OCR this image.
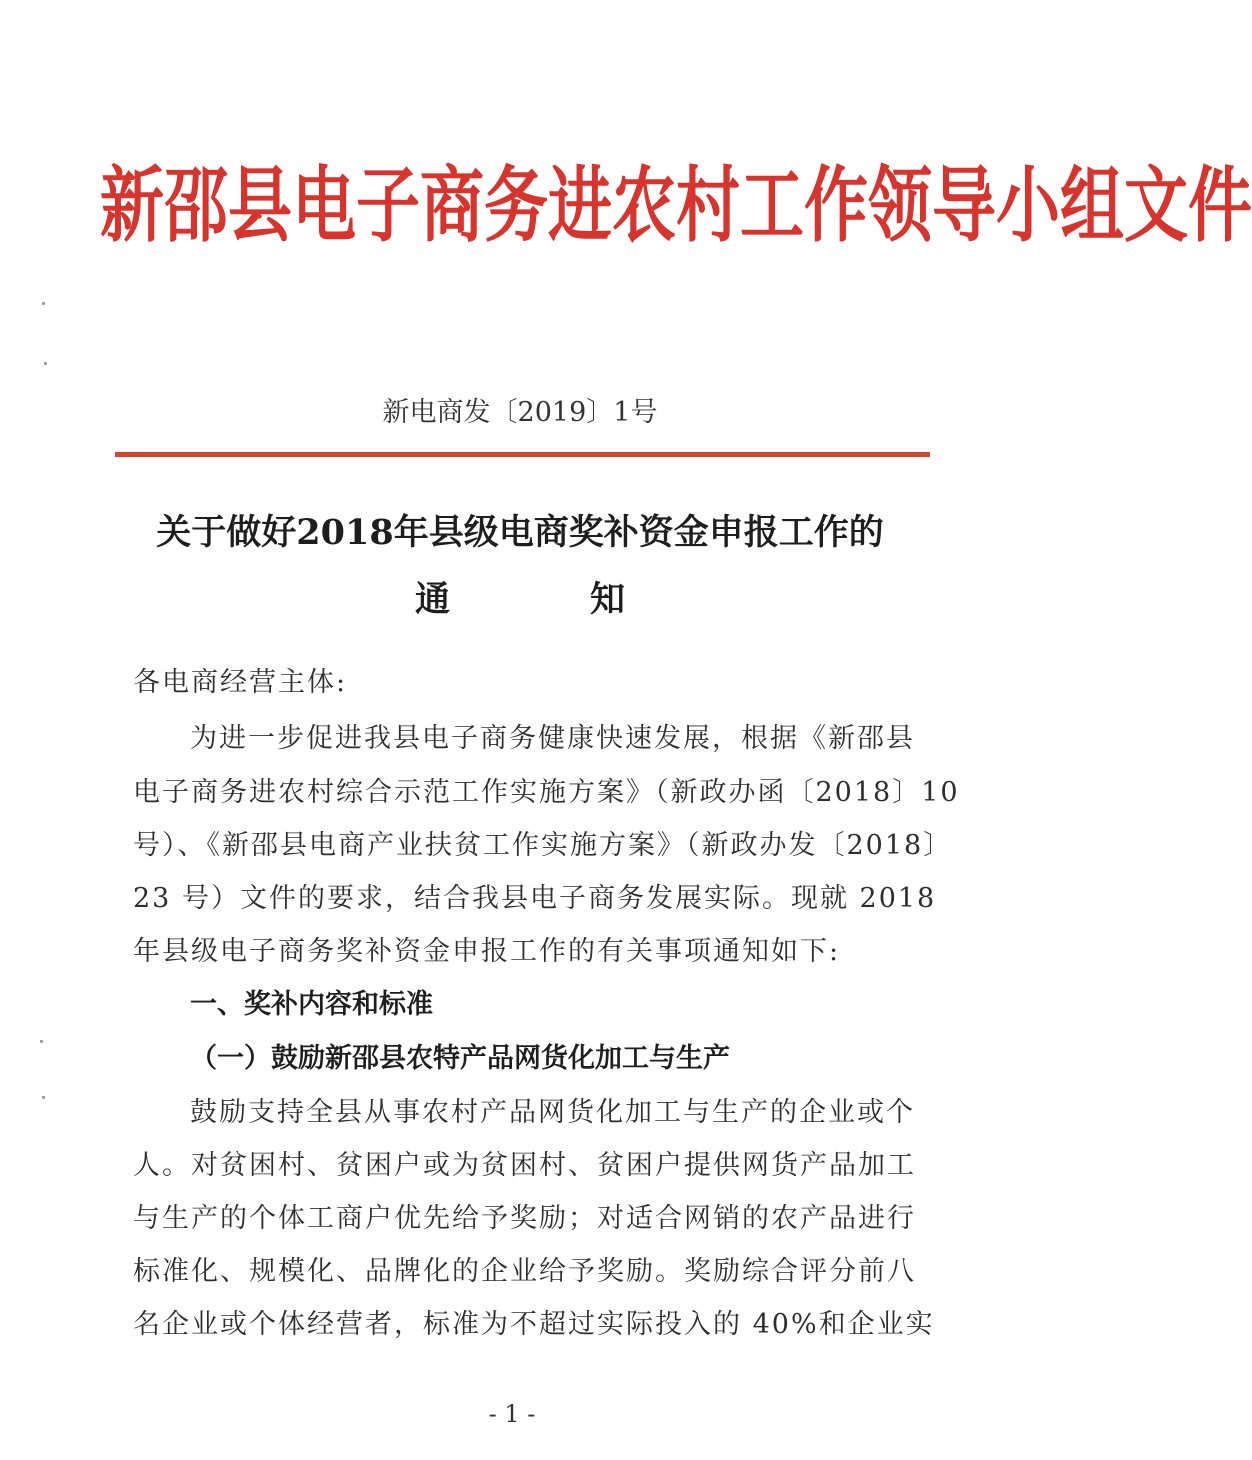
新邵县电子商务进农村工作领导小组文件
新电商发〔2019〕1号
关于做好2018年县级电商奖补资金申报工作的
通　　　　知
各电商经营主体:
为进一步促进我县电子商务健康快速发展，根据《新邵县
电子商务进农村综合示范工作实施方案》（新政办函〔2018〕10
号）、《新邵县电商产业扶贫工作实施方案》（新政办发〔2018〕
23 号）文件的要求，结合我县电子商务发展实际。现就 2018
年县级电子商务奖补资金申报工作的有关事项通知如下:
一、奖补内容和标准
（一）鼓励新邵县农特产品网货化加工与生产
鼓励支持全县从事农村产品网货化加工与生产的企业或个
人。对贫困村、贫困户或为贫困村、贫困户提供网货产品加工
与生产的个体工商户优先给予奖励；对适合网销的农产品进行
标准化、规模化、品牌化的企业给予奖励。奖励综合评分前八
名企业或个体经营者，标准为不超过实际投入的 40%和企业实
- 1 -
